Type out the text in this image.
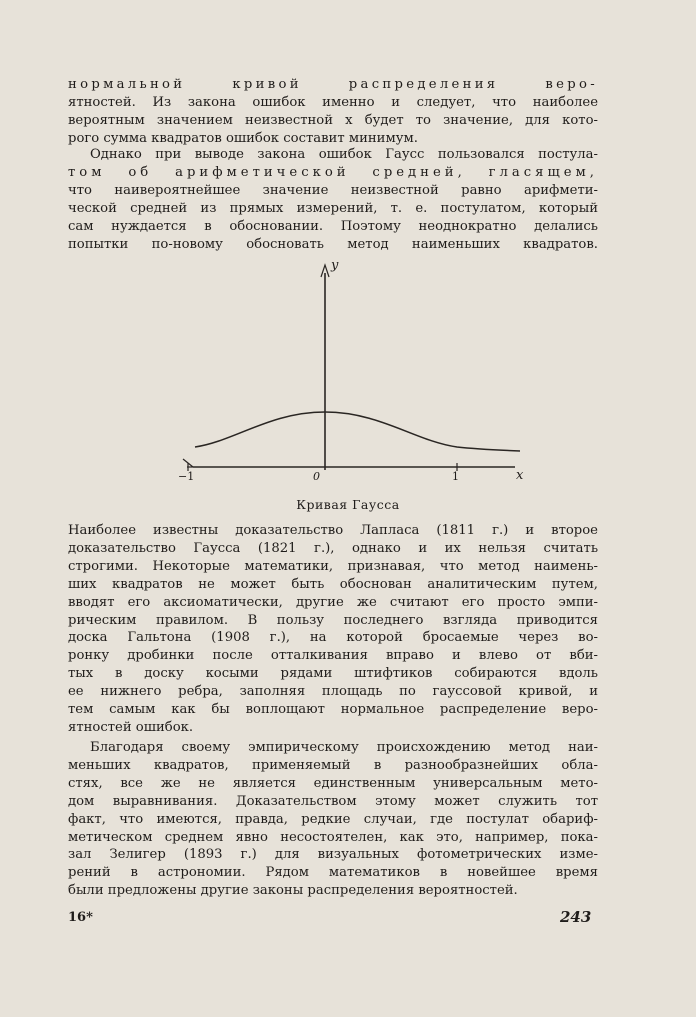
нормальной кривой распределения веро-
ятностей. Из закона ошибок именно и следует, что наиболее
вероятным значением неизвестной x будет то значение, для кото-
рого сумма квадратов ошибок составит минимум.
Однако при выводе закона ошибок Гаусс пользовался постула-
том об арифметической средней, гласящем,
что наивероятнейшее значение неизвестной равно арифмети-
ческой средней из прямых измерений, т. е. постулатом, который
сам нуждается в обосновании. Поэтому неоднократно делались
попытки по-новому обосновать метод наименьших квадратов.
y
x
−1	0	1
Кривая Гаусса
Наиболее известны доказательство Лапласа (1811 г.) и второе
доказательство Гаусса (1821 г.), однако и их нельзя считать
строгими. Некоторые математики, признавая, что метод наимень-
ших квадратов не может быть обоснован аналитическим путем,
вводят его аксиоматически, другие же считают его просто эмпи-
рическим правилом. В пользу последнего взгляда приводится
доска Гальтона (1908 г.), на которой бросаемые через во-
ронку дробинки после отталкивания вправо и влево от вби-
тых в доску косыми рядами штифтиков собираются вдоль
ее нижнего ребра, заполняя площадь по гауссовой кривой, и
тем самым как бы воплощают нормальное распределение веро-
ятностей ошибок.
Благодаря своему эмпирическому происхождению метод наи-
меньших квадратов, применяемый в разнообразнейших обла-
стях, все же не является единственным универсальным мето-
дом выравнивания. Доказательством этому может служить тот
факт, что имеются, правда, редкие случаи, где постулат обариф-
метическом среднем явно несостоятелен, как это, например, пока-
зал Зелигер (1893 г.) для визуальных фотометрических изме-
рений в астрономии. Рядом математиков в новейшее время
были предложены другие законы распределения вероятностей.
16*	243
